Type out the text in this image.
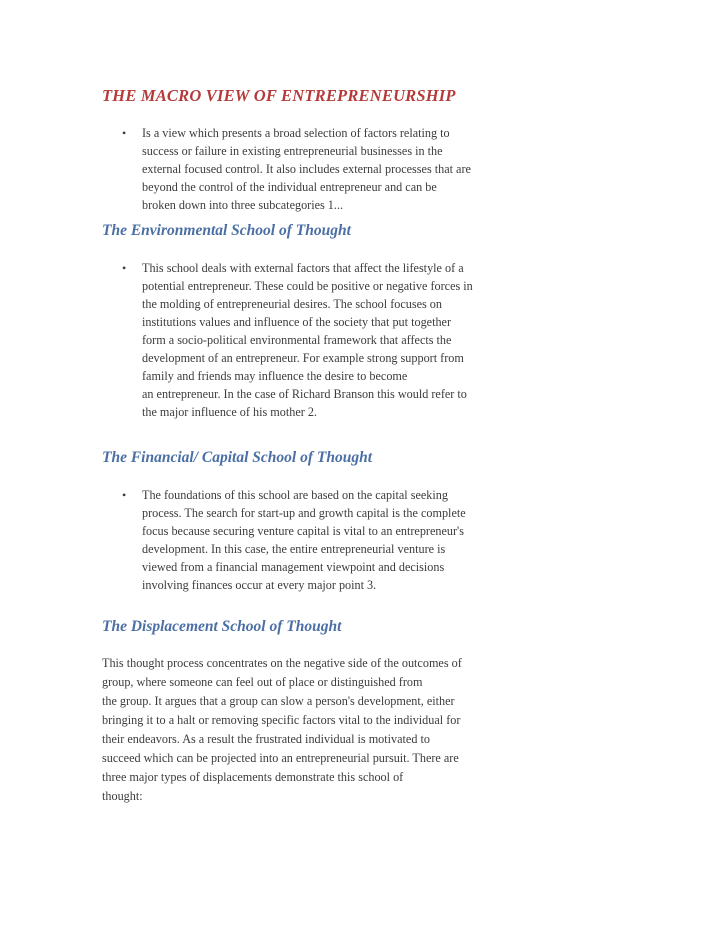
THE MACRO VIEW OF ENTREPRENEURSHIP
•	Is a view which presents a broad selection of factors relating to
success or failure in existing entrepreneurial businesses in the
external focused control. It also includes external processes that are
beyond the control of the individual entrepreneur and can be
broken down into three subcategories 1...
The Environmental School of Thought
•	This school deals with external factors that affect the lifestyle of a
potential entrepreneur. These could be positive or negative forces in
the molding of entrepreneurial desires. The school focuses on
institutions values and influence of the society that put together
form a socio-political environmental framework that affects the
development of an entrepreneur. For example strong support from
family and friends may influence the desire to become
an entrepreneur. In the case of Richard Branson this would refer to
the major influence of his mother 2.
The Financial/ Capital School of Thought
•	The foundations of this school are based on the capital seeking
process. The search for start-up and growth capital is the complete
focus because securing venture capital is vital to an entrepreneur's
development. In this case, the entire entrepreneurial venture is
viewed from a financial management viewpoint and decisions
involving finances occur at every major point 3.
The Displacement School of Thought
This thought process concentrates on the negative side of the outcomes of
group, where someone can feel out of place or distinguished from
the group. It argues that a group can slow a person's development, either
bringing it to a halt or removing specific factors vital to the individual for
their endeavors. As a result the frustrated individual is motivated to
succeed which can be projected into an entrepreneurial pursuit. There are
three major types of displacements demonstrate this school of
thought:
